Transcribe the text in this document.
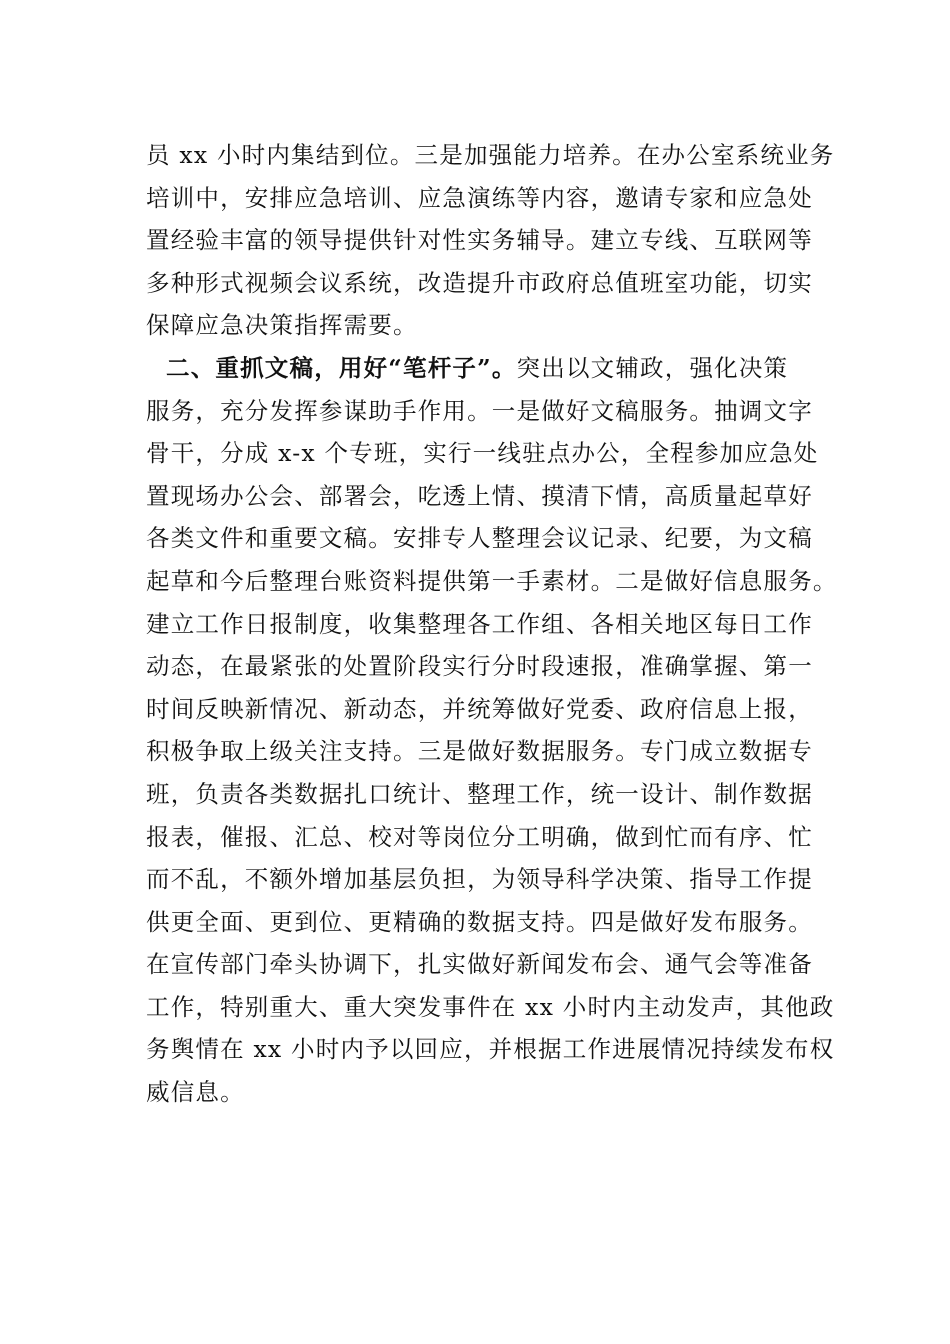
员 xx 小时内集结到位。三是加强能力培养。在办公室系统业务
培训中，安排应急培训、应急演练等内容，邀请专家和应急处
置经验丰富的领导提供针对性实务辅导。建立专线、互联网等
多种形式视频会议系统，改造提升市政府总值班室功能，切实
保障应急决策指挥需要。
二、重抓文稿，用好“笔杆子”。突出以文辅政，强化决策
服务，充分发挥参谋助手作用。一是做好文稿服务。抽调文字
骨干，分成 x-x 个专班，实行一线驻点办公，全程参加应急处
置现场办公会、部署会，吃透上情、摸清下情，高质量起草好
各类文件和重要文稿。安排专人整理会议记录、纪要，为文稿
起草和今后整理台账资料提供第一手素材。二是做好信息服务。
建立工作日报制度，收集整理各工作组、各相关地区每日工作
动态，在最紧张的处置阶段实行分时段速报，准确掌握、第一
时间反映新情况、新动态，并统筹做好党委、政府信息上报，
积极争取上级关注支持。三是做好数据服务。专门成立数据专
班，负责各类数据扎口统计、整理工作，统一设计、制作数据
报表，催报、汇总、校对等岗位分工明确，做到忙而有序、忙
而不乱，不额外增加基层负担，为领导科学决策、指导工作提
供更全面、更到位、更精确的数据支持。四是做好发布服务。
在宣传部门牵头协调下，扎实做好新闻发布会、通气会等准备
工作，特别重大、重大突发事件在 xx 小时内主动发声，其他政
务舆情在 xx 小时内予以回应，并根据工作进展情况持续发布权
威信息。
